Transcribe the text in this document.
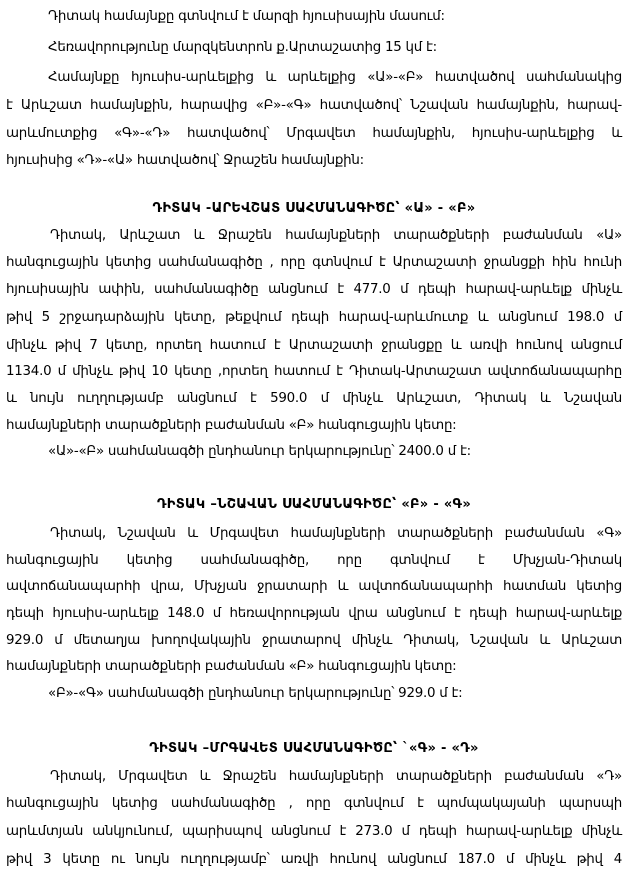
Դիտակ համայնքը գտնվում է մարզի հյուսիսային մասում:
Հեռավորությունը մարզկենտրոն ք.Արտաշատից 15 կմ է:
Համայնքը հյուսիս-արևելքից և արևելքից «Ա»-«Բ» հատվածով սահմանակից
է Արևշատ համայնքին, հարավից «Բ»-«Գ» հատվածով՝ Նշավան համայնքին, հարավ-
արևմուտքից «Գ»-«Դ» հատվածով՝ Մրգավետ համայնքին, հյուսիս-արևելքից և
հյուսիսից «Դ»-«Ա» հատվածով՝ Ջրաշեն համայնքին:
ԴԻՏԱԿ -ԱՐԵՎՇԱՏ ՍԱՀՄԱՆԱԳԻԾԸ՝ «Ա» - «Բ»
Դիտակ, Արևշատ և Ջրաշեն համայնքների տարածքների բաժանման «Ա»
հանգուցային կետից սահմանագիծը , որը գտնվում է Արտաշատի ջրանցքի հին հունի
հյուսիսային ափին, սահմանագիծը անցնում է 477.0 մ դեպի հարավ-արևելք մինչև
թիվ 5 շրջադարձային կետը, թեքվում դեպի հարավ-արևմուտք և անցնում 198.0 մ
մինչև թիվ 7 կետը, որտեղ հատում է Արտաշատի ջրանցքը և առվի հունով անցում
1134.0 մ մինչև թիվ 10 կետը ,որտեղ հատում է Դիտակ-Արտաշատ ավտոճանապարհը
և նույն ուղղությամբ անցնում է 590.0 մ մինչև Արևշատ, Դիտակ և Նշավան
համայնքների տարածքների բաժանման «Բ» հանգուցային կետը:
«Ա»-«Բ» սահմանագծի ընդհանուր երկարությունը՝ 2400.0 մ է:
ԴԻՏԱԿ –ՆՇԱՎԱՆ ՍԱՀՄԱՆԱԳԻԾԸ՝ «Բ» - «Գ»
Դիտակ, Նշավան և Մրգավետ համայնքների տարածքների բաժանման «Գ»
հանգուցային կետից սահմանագիծը, որը գտնվում է Մխչյան-Դիտակ
ավտոճանապարհի վրա, Մխչյան ջրատարի և ավտոճանապարհի հատման կետից
դեպի հյուսիս-արևելք 148.0 մ հեռավորության վրա անցնում է դեպի հարավ-արևելք
929.0 մ մետաղյա խողովակային ջրատարով մինչև Դիտակ, Նշավան և Արևշատ
համայնքների տարածքների բաժանման «Բ» հանգուցային կետը:
«Բ»-«Գ» սահմանագծի ընդհանուր երկարությունը՝ 929.0 մ է:
ԴԻՏԱԿ –ՄՐԳԱՎԵՏ ՍԱՀՄԱՆԱԳԻԾԸ՝ `«Գ» - «Դ»
Դիտակ, Մրգավետ և Ջրաշեն համայնքների տարածքների բաժանման «Դ»
հանգուցային կետից սահմանագիծը , որը գտնվում է պոմպակայանի պարսպի
արևմտյան անկյունում, պարիսպով անցնում է 273.0 մ դեպի հարավ-արևելք մինչև
թիվ 3 կետը ու նույն ուղղությամբ՝ առվի հունով անցնում 187.0 մ մինչև թիվ 4
